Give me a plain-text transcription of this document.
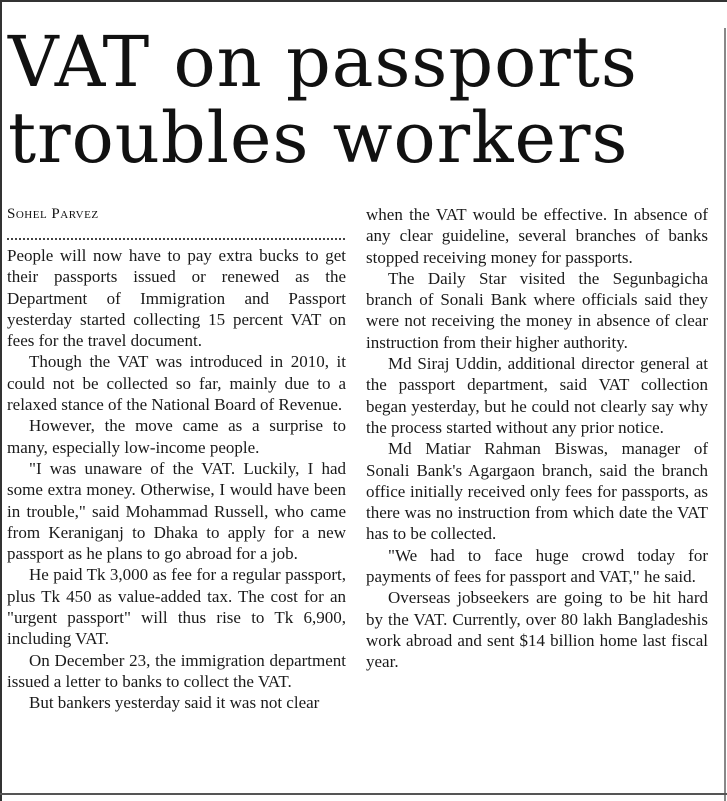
VAT on passports troubles workers
Sohel Parvez

People will now have to pay extra bucks to get their passports issued or renewed as the Department of Immigration and Passport yesterday started collecting 15 percent VAT on fees for the travel document.

Though the VAT was introduced in 2010, it could not be collected so far, mainly due to a relaxed stance of the National Board of Revenue.

However, the move came as a surprise to many, especially low-income people.

"I was unaware of the VAT. Luckily, I had some extra money. Otherwise, I would have been in trouble," said Mohammad Russell, who came from Keraniganj to Dhaka to apply for a new passport as he plans to go abroad for a job.

He paid Tk 3,000 as fee for a regular passport, plus Tk 450 as value-added tax. The cost for an "urgent passport" will thus rise to Tk 6,900, including VAT.

On December 23, the immigration department issued a letter to banks to collect the VAT.

But bankers yesterday said it was not clear

when the VAT would be effective. In absence of any clear guideline, several branches of banks stopped receiving money for passports.

The Daily Star visited the Segunbagicha branch of Sonali Bank where officials said they were not receiving the money in absence of clear instruction from their higher authority.

Md Siraj Uddin, additional director general at the passport department, said VAT collection began yesterday, but he could not clearly say why the process started without any prior notice.

Md Matiar Rahman Biswas, manager of Sonali Bank's Agargaon branch, said the branch office initially received only fees for passports, as there was no instruction from which date the VAT has to be collected.

"We had to face huge crowd today for payments of fees for passport and VAT," he said.

Overseas jobseekers are going to be hit hard by the VAT. Currently, over 80 lakh Bangladeshis work abroad and sent $14 billion home last fiscal year.
